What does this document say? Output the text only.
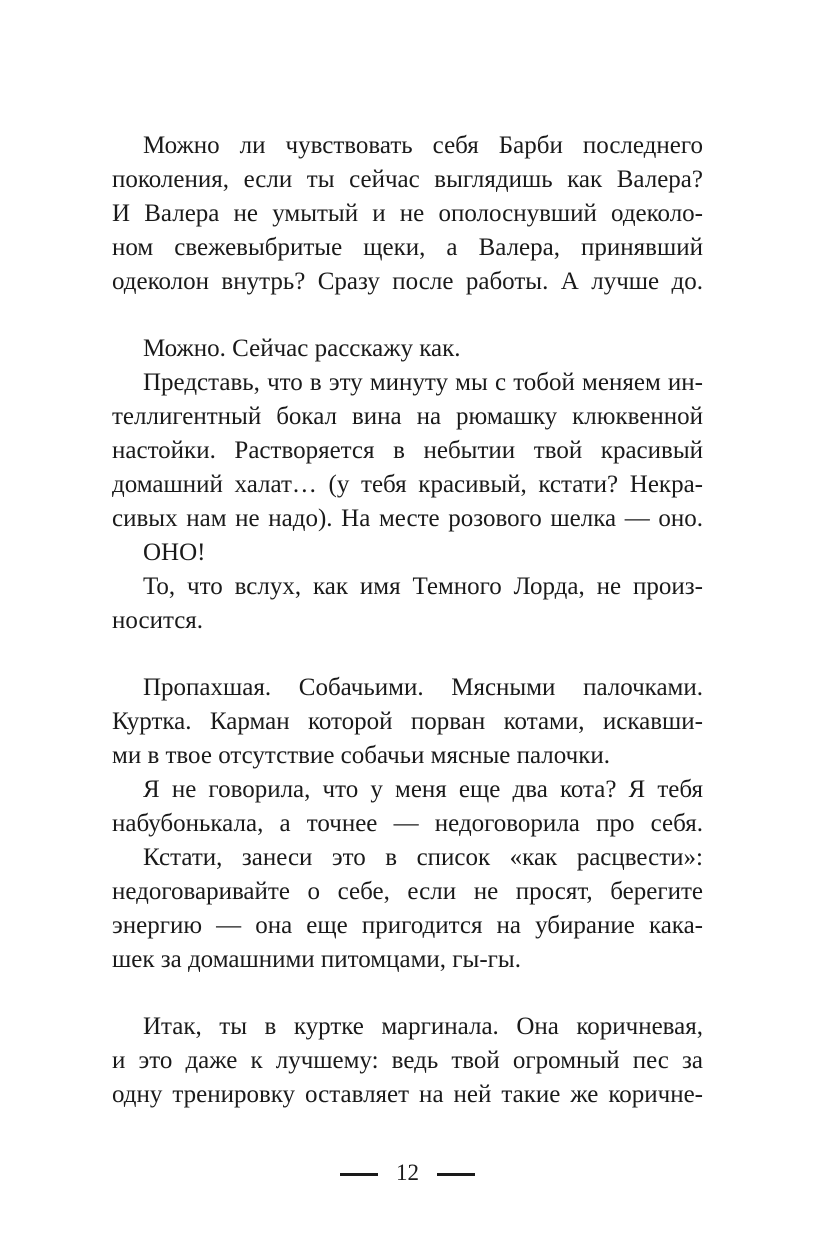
Можно ли чувствовать себя Барби последнего
поколения, если ты сейчас выглядишь как Валера?
И Валера не умытый и не ополоснувший одеколо-
ном свежевыбритые щеки, а Валера, принявший
одеколон внутрь? Сразу после работы. А лучше до.
Можно. Сейчас расскажу как.
Представь, что в эту минуту мы с тобой меняем ин-
теллигентный бокал вина на рюмашку клюквенной
настойки. Растворяется в небытии твой красивый
домашний халат… (у тебя красивый, кстати? Некра-
сивых нам не надо). На месте розового шелка — оно.
ОНО!
То, что вслух, как имя Темного Лорда, не произ-
носится.
Пропахшая. Собачьими. Мясными палочками.
Куртка. Карман которой порван котами, искавши-
ми в твое отсутствие собачьи мясные палочки.
Я не говорила, что у меня еще два кота? Я тебя
набубонькала, а точнее — недоговорила про себя.
Кстати, занеси это в список «как расцвести»:
недоговаривайте о себе, если не просят, берегите
энергию — она еще пригодится на убирание кака-
шек за домашними питомцами, гы-гы.
Итак, ты в куртке маргинала. Она коричневая,
и это даже к лучшему: ведь твой огромный пес за
одну тренировку оставляет на ней такие же коричне-
12
